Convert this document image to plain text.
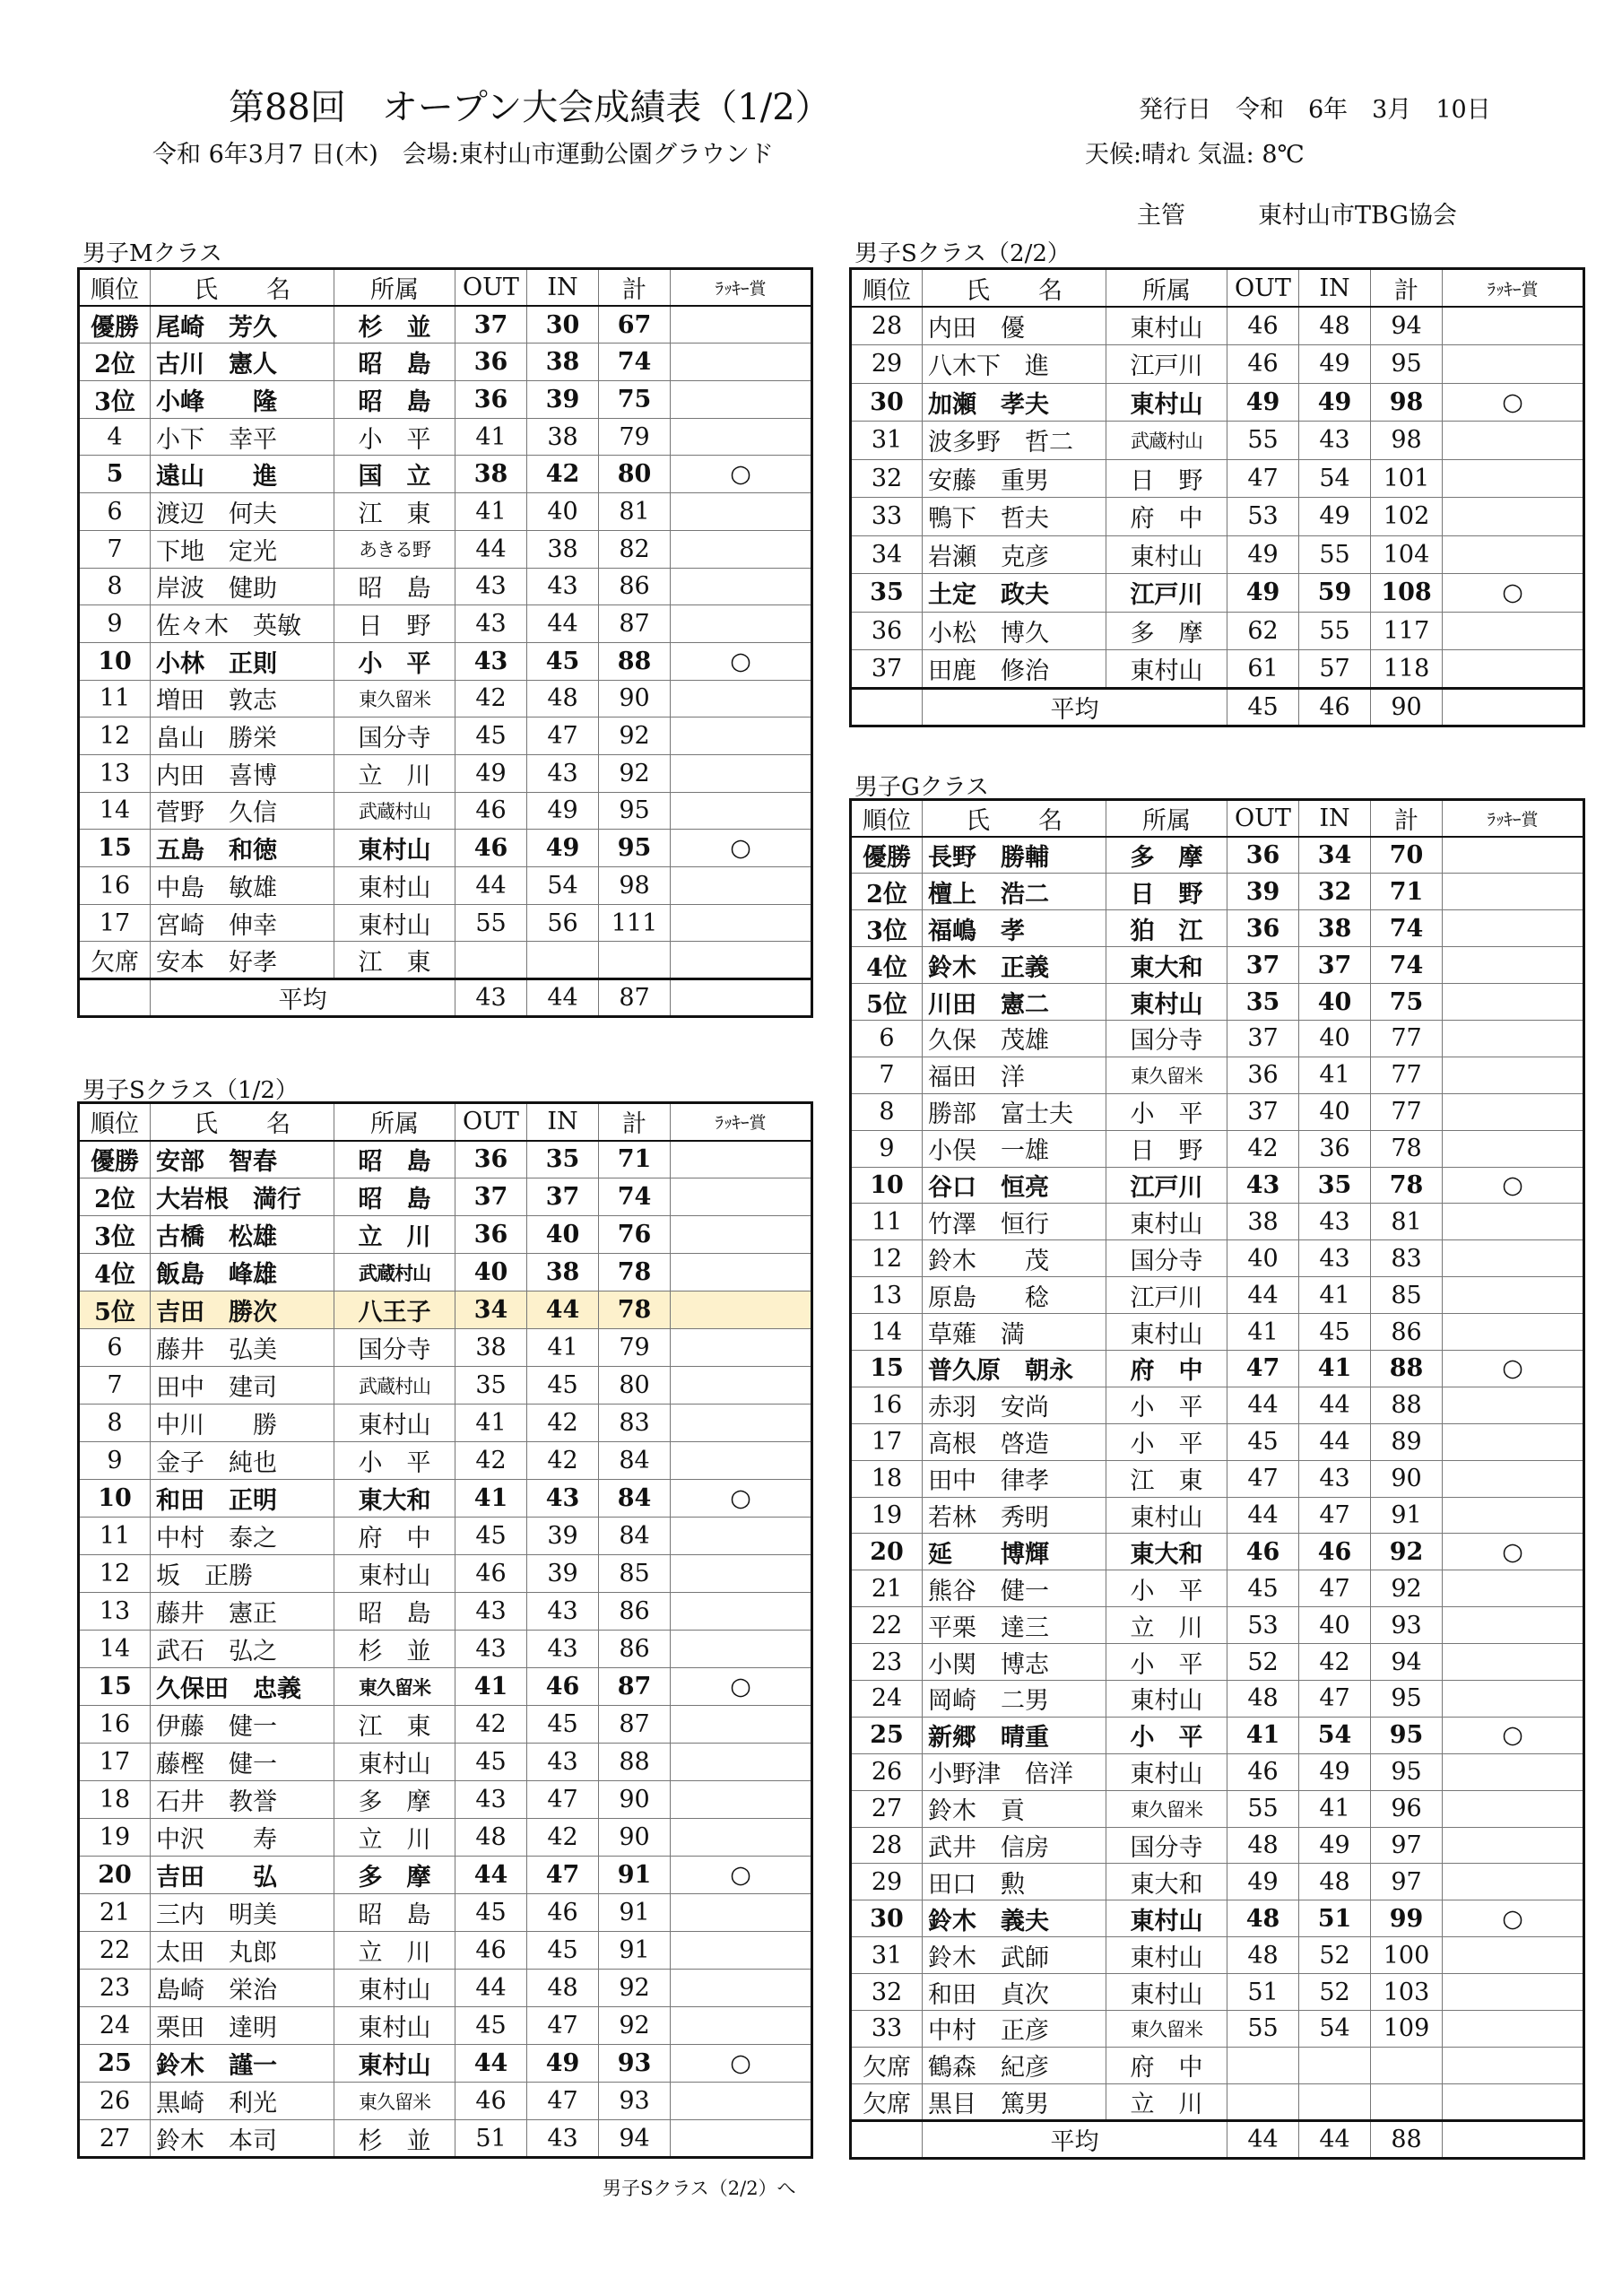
第88回　オープン大会成績表（1/2）	発行日　令和　6年　3月　10日
令和 6年3月7 日(木)　会場:東村山市運動公園グラウンド	天候:晴れ 気温: 8℃
主管　　　東村山市TBG協会
男子Mクラス	男子Sクラス（2/2）
男子Gクラス
男子Sクラス（1/2）
男子Sクラス（2/2）へ
順位	氏　　名	所属	OUT	IN	計	ﾗｯｷｰ賞
優勝	尾崎　芳久	杉　並	37	30	67	
2位	古川　憲人	昭　島	36	38	74	
3位	小峰　　隆	昭　島	36	39	75	
4	小下　幸平	小　平	41	38	79	
5	遠山　　進	国　立	38	42	80	○
6	渡辺　何夫	江　東	41	40	81	
7	下地　定光	あきる野	44	38	82	
8	岸波　健助	昭　島	43	43	86	
9	佐々木　英敏	日　野	43	44	87	
10	小林　正則	小　平	43	45	88	○
11	増田　敦志	東久留米	42	48	90	
12	畠山　勝栄	国分寺	45	47	92	
13	内田　喜博	立　川	49	43	92	
14	菅野　久信	武蔵村山	46	49	95	
15	五島　和徳	東村山	46	49	95	○
16	中島　敏雄	東村山	44	54	98	
17	宮崎　伸幸	東村山	55	56	111	
欠席	安本　好孝	江　東				
	平均		43	44	87	
順位	氏　　名	所属	OUT	IN	計	ﾗｯｷｰ賞
28	内田　優	東村山	46	48	94	
29	八木下　進	江戸川	46	49	95	
30	加瀬　孝夫	東村山	49	49	98	○
31	波多野　哲二	武蔵村山	55	43	98	
32	安藤　重男	日　野	47	54	101	
33	鴨下　哲夫	府　中	53	49	102	
34	岩瀬　克彦	東村山	49	55	104	
35	土定　政夫	江戸川	49	59	108	○
36	小松　博久	多　摩	62	55	117	
37	田鹿　修治	東村山	61	57	118	
	平均		45	46	90	
順位	氏　　名	所属	OUT	IN	計	ﾗｯｷｰ賞
優勝	長野　勝輔	多　摩	36	34	70	
2位	檀上　浩二	日　野	39	32	71	
3位	福嶋　孝	狛　江	36	38	74	
4位	鈴木　正義	東大和	37	37	74	
5位	川田　憲二	東村山	35	40	75	
6	久保　茂雄	国分寺	37	40	77	
7	福田　洋	東久留米	36	41	77	
8	勝部　富士夫	小　平	37	40	77	
9	小俣　一雄	日　野	42	36	78	
10	谷口　恒亮	江戸川	43	35	78	○
11	竹澤　恒行	東村山	38	43	81	
12	鈴木　　茂	国分寺	40	43	83	
13	原島　　稔	江戸川	44	41	85	
14	草薙　満	東村山	41	45	86	
15	普久原　朝永	府　中	47	41	88	○
16	赤羽　安尚	小　平	44	44	88	
17	高根　啓造	小　平	45	44	89	
18	田中　律孝	江　東	47	43	90	
19	若林　秀明	東村山	44	47	91	
20	延　　博輝	東大和	46	46	92	○
21	熊谷　健一	小　平	45	47	92	
22	平栗　達三	立　川	53	40	93	
23	小関　博志	小　平	52	42	94	
24	岡崎　二男	東村山	48	47	95	
25	新郷　晴重	小　平	41	54	95	○
26	小野津　倍洋	東村山	46	49	95	
27	鈴木　貢	東久留米	55	41	96	
28	武井　信房	国分寺	48	49	97	
29	田口　勲	東大和	49	48	97	
30	鈴木　義夫	東村山	48	51	99	○
31	鈴木　武師	東村山	48	52	100	
32	和田　貞次	東村山	51	52	103	
33	中村　正彦	東久留米	55	54	109	
欠席	鶴森　紀彦	府　中				
欠席	黒目　篤男	立　川				
	平均		44	44	88	
順位	氏　　名	所属	OUT	IN	計	ﾗｯｷｰ賞
優勝	安部　智春	昭　島	36	35	71	
2位	大岩根　満行	昭　島	37	37	74	
3位	古橋　松雄	立　川	36	40	76	
4位	飯島　峰雄	武蔵村山	40	38	78	
5位	吉田　勝次	八王子	34	44	78	
6	藤井　弘美	国分寺	38	41	79	
7	田中　建司	武蔵村山	35	45	80	
8	中川　　勝	東村山	41	42	83	
9	金子　純也	小　平	42	42	84	
10	和田　正明	東大和	41	43	84	○
11	中村　泰之	府　中	45	39	84	
12	坂　正勝	東村山	46	39	85	
13	藤井　憲正	昭　島	43	43	86	
14	武石　弘之	杉　並	43	43	86	
15	久保田　忠義	東久留米	41	46	87	○
16	伊藤　健一	江　東	42	45	87	
17	藤樫　健一	東村山	45	43	88	
18	石井　教誉	多　摩	43	47	90	
19	中沢　　寿	立　川	48	42	90	
20	吉田　　弘	多　摩	44	47	91	○
21	三内　明美	昭　島	45	46	91	
22	太田　丸郎	立　川	46	45	91	
23	島崎　栄治	東村山	44	48	92	
24	栗田　達明	東村山	45	47	92	
25	鈴木　謹一	東村山	44	49	93	○
26	黒崎　利光	東久留米	46	47	93	
27	鈴木　本司	杉　並	51	43	94	
